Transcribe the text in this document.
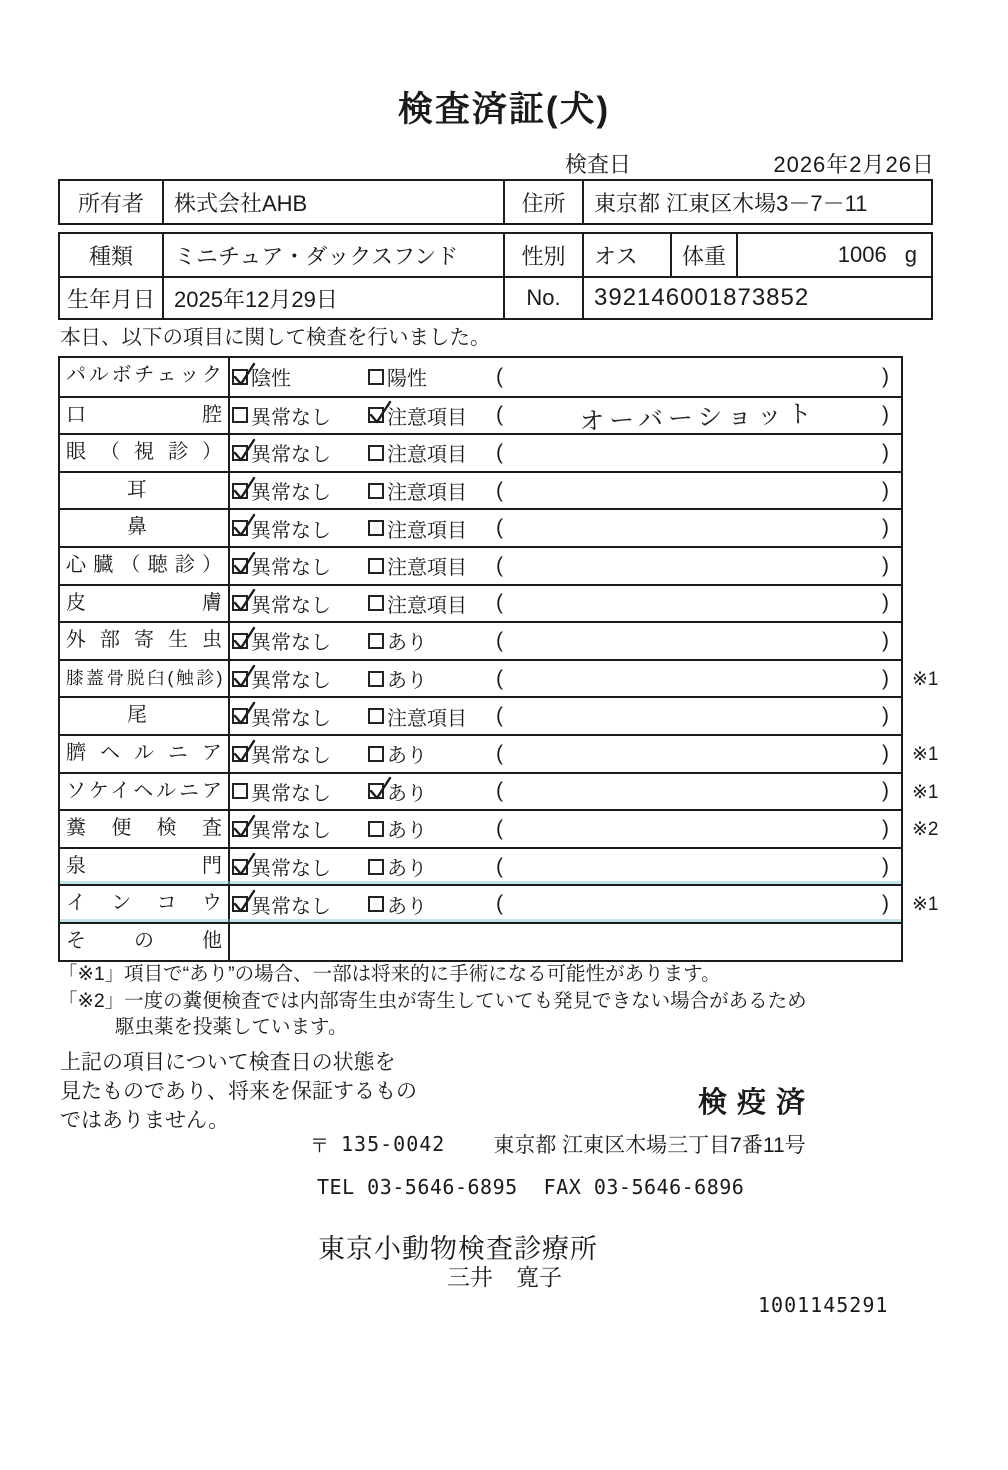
検査済証(犬)
検査日	2026年2月26日
所有者	株式会社AHB	住所	東京都 江東区木場3－7－11
種類	ミニチュア・ダックスフンド	性別	オス	体重	1006 g
生年月日 2025年12月29日	No.	392146001873852
本日、以下の項目に関して検査を行いました。
パルボチェック	陰性	陽性	(	)
口腔	異常なし	注意項目 (	オーバーショット	)
眼（視診）	異常なし	注意項目 (	)
耳	異常なし	注意項目 (	)
鼻	異常なし	注意項目 (	)
心臓（聴診）	異常なし	注意項目 (	)
皮膚	異常なし	注意項目 (	)
外部寄生虫	異常なし	あり	(	)
膝蓋骨脱臼(触診)	異常なし	あり	(	) ※1
尾	異常なし	注意項目 (	)
臍ヘルニア	異常なし	あり	(	) ※1
ソケイヘルニア	異常なし	あり	(	) ※1
糞便検査	異常なし	あり	(	) ※2
泉門	異常なし	あり	(	)
インコウ	異常なし	あり	(	) ※1
その他
「※1」項目で“あり”の場合、一部は将来的に手術になる可能性があります。
「※2」一度の糞便検査では内部寄生虫が寄生していても発見できない場合があるため
駆虫薬を投薬しています。
上記の項目について検査日の状態を
見たものであり、将来を保証するもの
ではありません。
検疫済
〒 135-0042 東京都 江東区木場三丁目7番11号
TEL 03-5646-6895 FAX 03-5646-6896
東京小動物検査診療所
三井　寛子
1001145291
